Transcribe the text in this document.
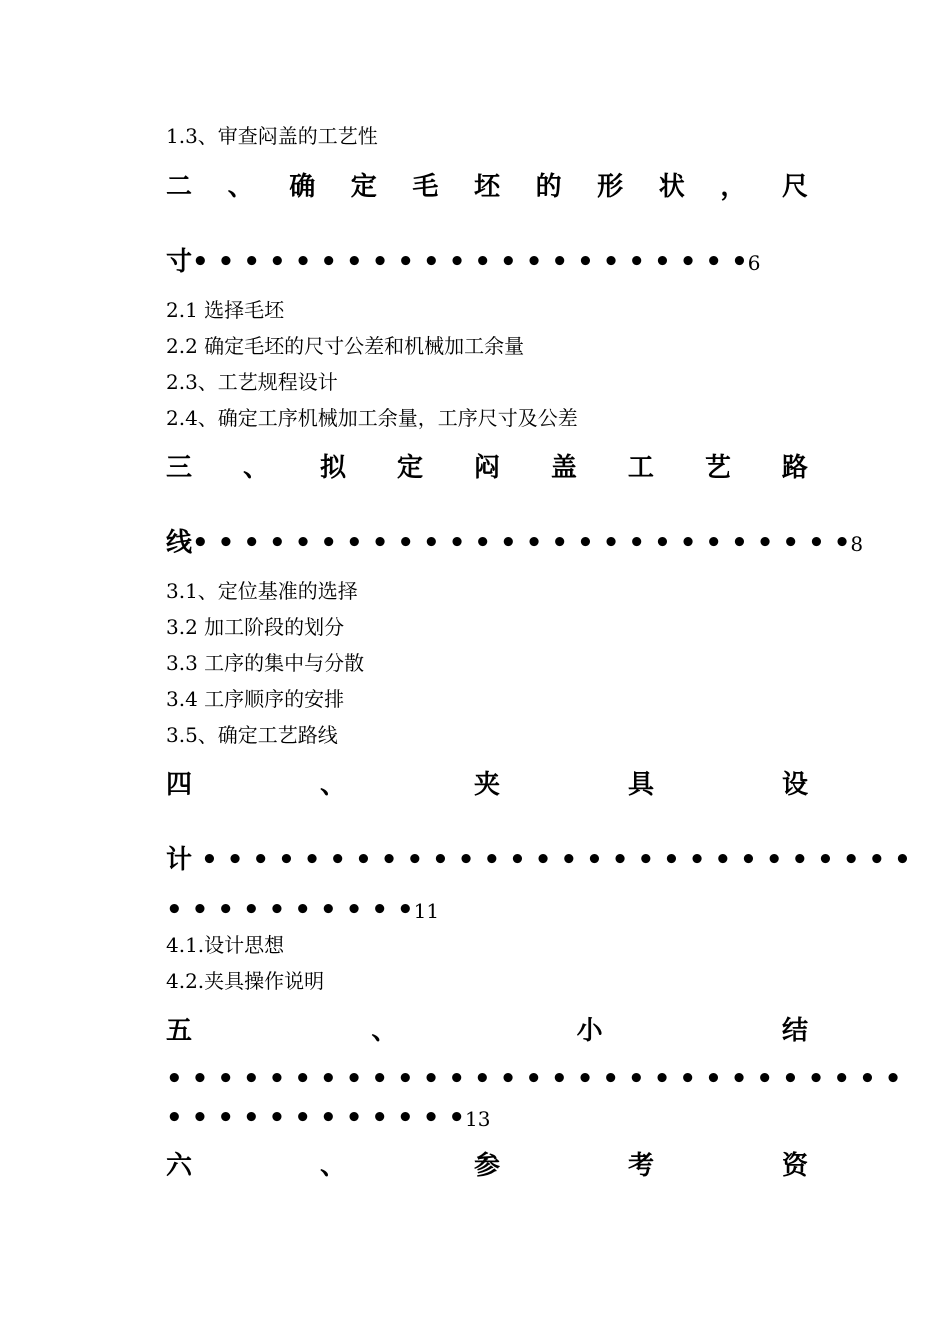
1.3、审查闷盖的工艺性
二 、 确 定 毛 坯 的 形 状 ， 尺
寸• • • • • • • • • • • • • • • • • • • • • •6
2.1 选择毛坯
2.2 确定毛坯的尺寸公差和机械加工余量
2.3、工艺规程设计
2.4、确定工序机械加工余量，工序尺寸及公差
三 、 拟 定 闷 盖 工 艺 路
线• • • • • • • • • • • • • • • • • • • • • • • • • •8
3.1、定位基准的选择
3.2 加工阶段的划分
3.3 工序的集中与分散
3.4 工序顺序的安排
3.5、确定工艺路线
四	、	夹	具	设
计 • • • • • • • • • • • • • • • • • • • • • • • • • • • •
• • • • • • • • • •11
4.1.设计思想
4.2.夹具操作说明
五	、	小	结
• • • • • • • • • • • • • • • • • • • • • • • • • • • • •
• • • • • • • • • • • •13
六	、	参	考	资
